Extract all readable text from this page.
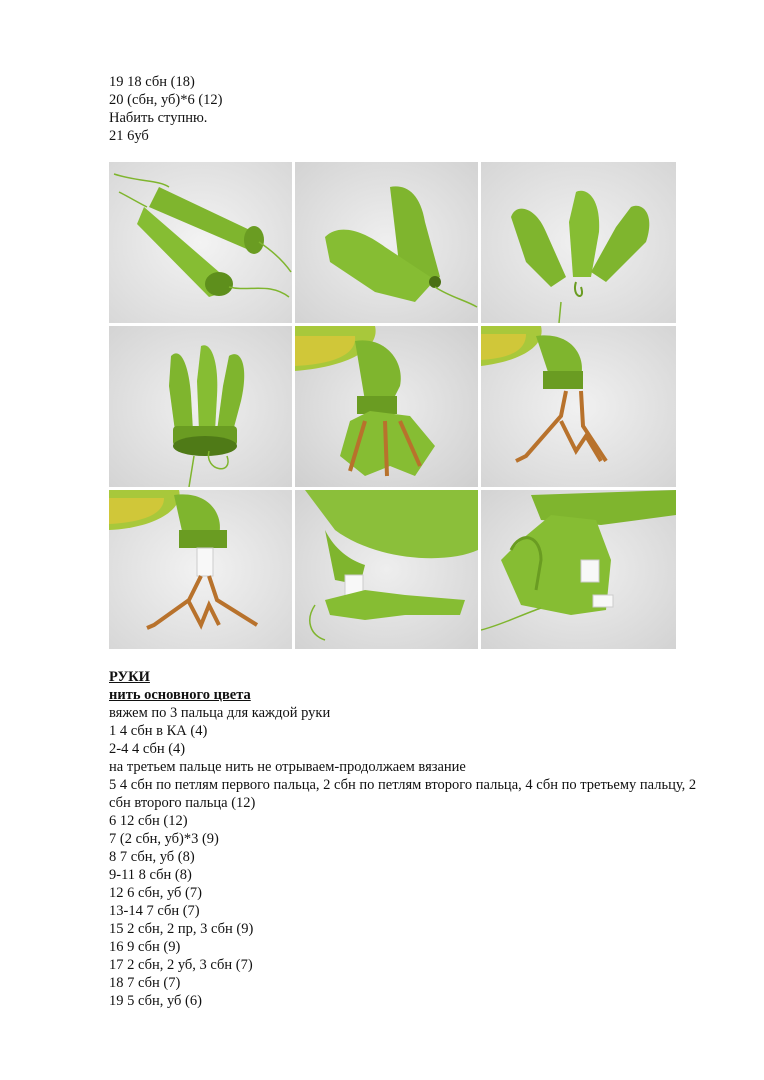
19 18 сбн (18)
20 (сбн, уб)*6 (12)
Набить ступню.
21 6уб
РУКИ
нить основного цвета
вяжем по 3 пальца для каждой руки
1 4 сбн в КА (4)
2-4 4 сбн (4)
на третьем пальце нить не отрываем-продолжаем вязание
5 4 сбн по петлям первого пальца, 2 сбн по петлям второго пальца, 4 сбн по третьему пальцу, 2 сбн второго пальца (12)
6 12 сбн (12)
7 (2 сбн, уб)*3 (9)
8 7 сбн, уб (8)
9-11 8 сбн (8)
12 6 сбн, уб (7)
13-14 7 сбн (7)
15 2 сбн, 2 пр, 3 сбн (9)
16 9 сбн (9)
17 2 сбн, 2 уб, 3 сбн (7)
18 7 сбн (7)
19 5 сбн, уб (6)
